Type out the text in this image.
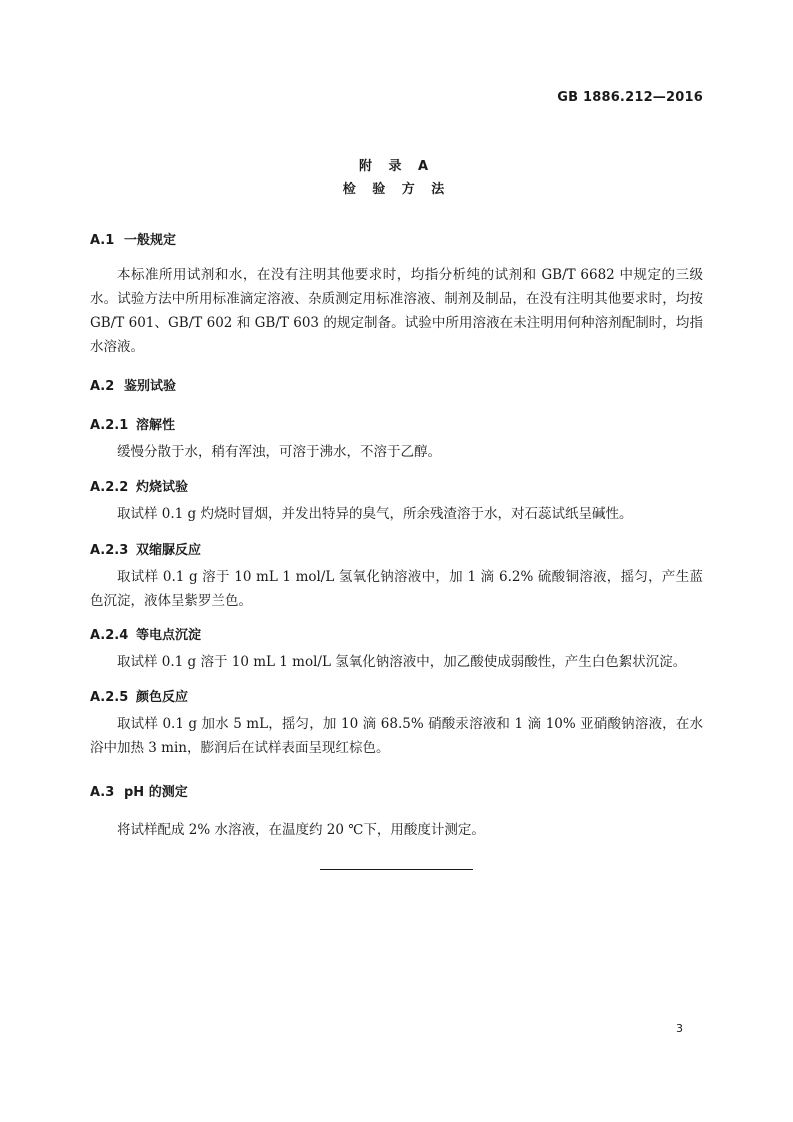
GB 1886.212—2016
附 录 A
检 验 方 法
A.1 一般规定
本标准所用试剂和水，在没有注明其他要求时，均指分析纯的试剂和 GB/T 6682 中规定的三级水。试验方法中所用标准滴定溶液、杂质测定用标准溶液、制剂及制品，在没有注明其他要求时，均按 GB/T 601、GB/T 602 和 GB/T 603 的规定制备。试验中所用溶液在未注明用何种溶剂配制时，均指水溶液。
A.2 鉴别试验
A.2.1 溶解性
缓慢分散于水，稍有浑浊，可溶于沸水，不溶于乙醇。
A.2.2 灼烧试验
取试样 0.1 g 灼烧时冒烟，并发出特异的臭气，所余残渣溶于水，对石蕊试纸呈碱性。
A.2.3 双缩脲反应
取试样 0.1 g 溶于 10 mL 1 mol/L 氢氧化钠溶液中，加 1 滴 6.2% 硫酸铜溶液，摇匀，产生蓝色沉淀，液体呈紫罗兰色。
A.2.4 等电点沉淀
取试样 0.1 g 溶于 10 mL 1 mol/L 氢氧化钠溶液中，加乙酸使成弱酸性，产生白色絮状沉淀。
A.2.5 颜色反应
取试样 0.1 g 加水 5 mL，摇匀，加 10 滴 68.5% 硝酸汞溶液和 1 滴 10% 亚硝酸钠溶液，在水浴中加热 3 min，膨润后在试样表面呈现红棕色。
A.3 pH 的测定
将试样配成 2% 水溶液，在温度约 20 ℃下，用酸度计测定。
3
